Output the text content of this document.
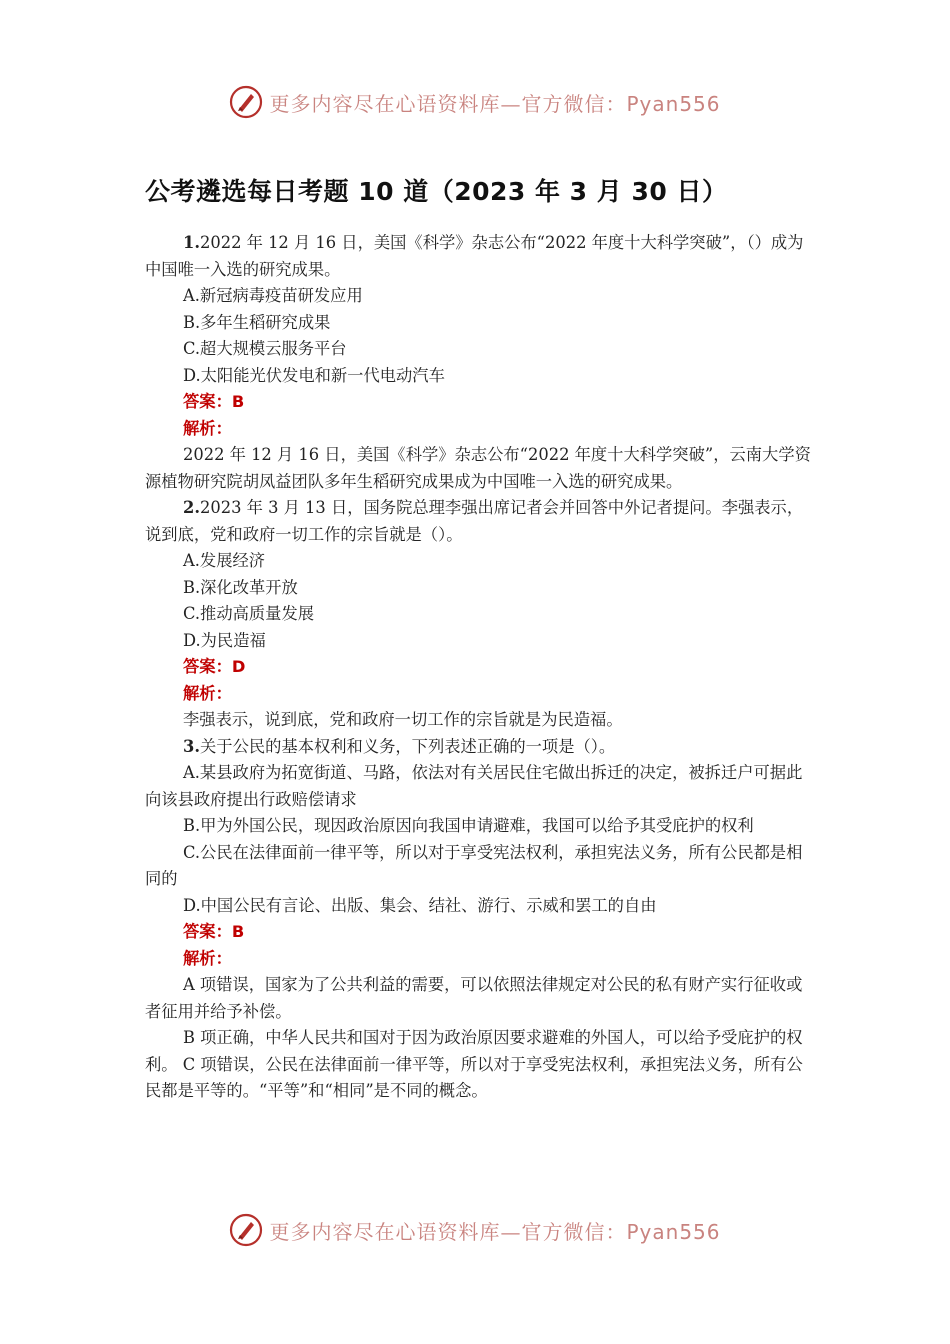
更多内容尽在心语资料库—官方微信：Pyan556
公考遴选每日考题 10 道（2023 年 3 月 30 日）

1.2022 年 12 月 16 日，美国《科学》杂志公布“2022 年度十大科学突破”，（）成为中国唯一入选的研究成果。

A.新冠病毒疫苗研发应用

B.多年生稻研究成果

C.超大规模云服务平台

D.太阳能光伏发电和新一代电动汽车

答案：B

解析：

2022 年 12 月 16 日，美国《科学》杂志公布“2022 年度十大科学突破”，云南大学资源植物研究院胡凤益团队多年生稻研究成果成为中国唯一入选的研究成果。

2.2023 年 3 月 13 日，国务院总理李强出席记者会并回答中外记者提问。李强表示，说到底，党和政府一切工作的宗旨就是（）。

A.发展经济

B.深化改革开放

C.推动高质量发展

D.为民造福

答案：D

解析：

李强表示，说到底，党和政府一切工作的宗旨就是为民造福。

3.关于公民的基本权利和义务，下列表述正确的一项是（）。

A.某县政府为拓宽街道、马路，依法对有关居民住宅做出拆迁的决定，被拆迁户可据此向该县政府提出行政赔偿请求

B.甲为外国公民，现因政治原因向我国申请避难，我国可以给予其受庇护的权利

C.公民在法律面前一律平等，所以对于享受宪法权利，承担宪法义务，所有公民都是相同的

D.中国公民有言论、出版、集会、结社、游行、示威和罢工的自由

答案：B

解析：

A 项错误，国家为了公共利益的需要，可以依照法律规定对公民的私有财产实行征收或者征用并给予补偿。

B 项正确，中华人民共和国对于因为政治原因要求避难的外国人，可以给予受庇护的权利。 C 项错误，公民在法律面前一律平等，所以对于享受宪法权利，承担宪法义务，所有公民都是平等的。“平等”和“相同”是不同的概念。

更多内容尽在心语资料库—官方微信：Pyan556
